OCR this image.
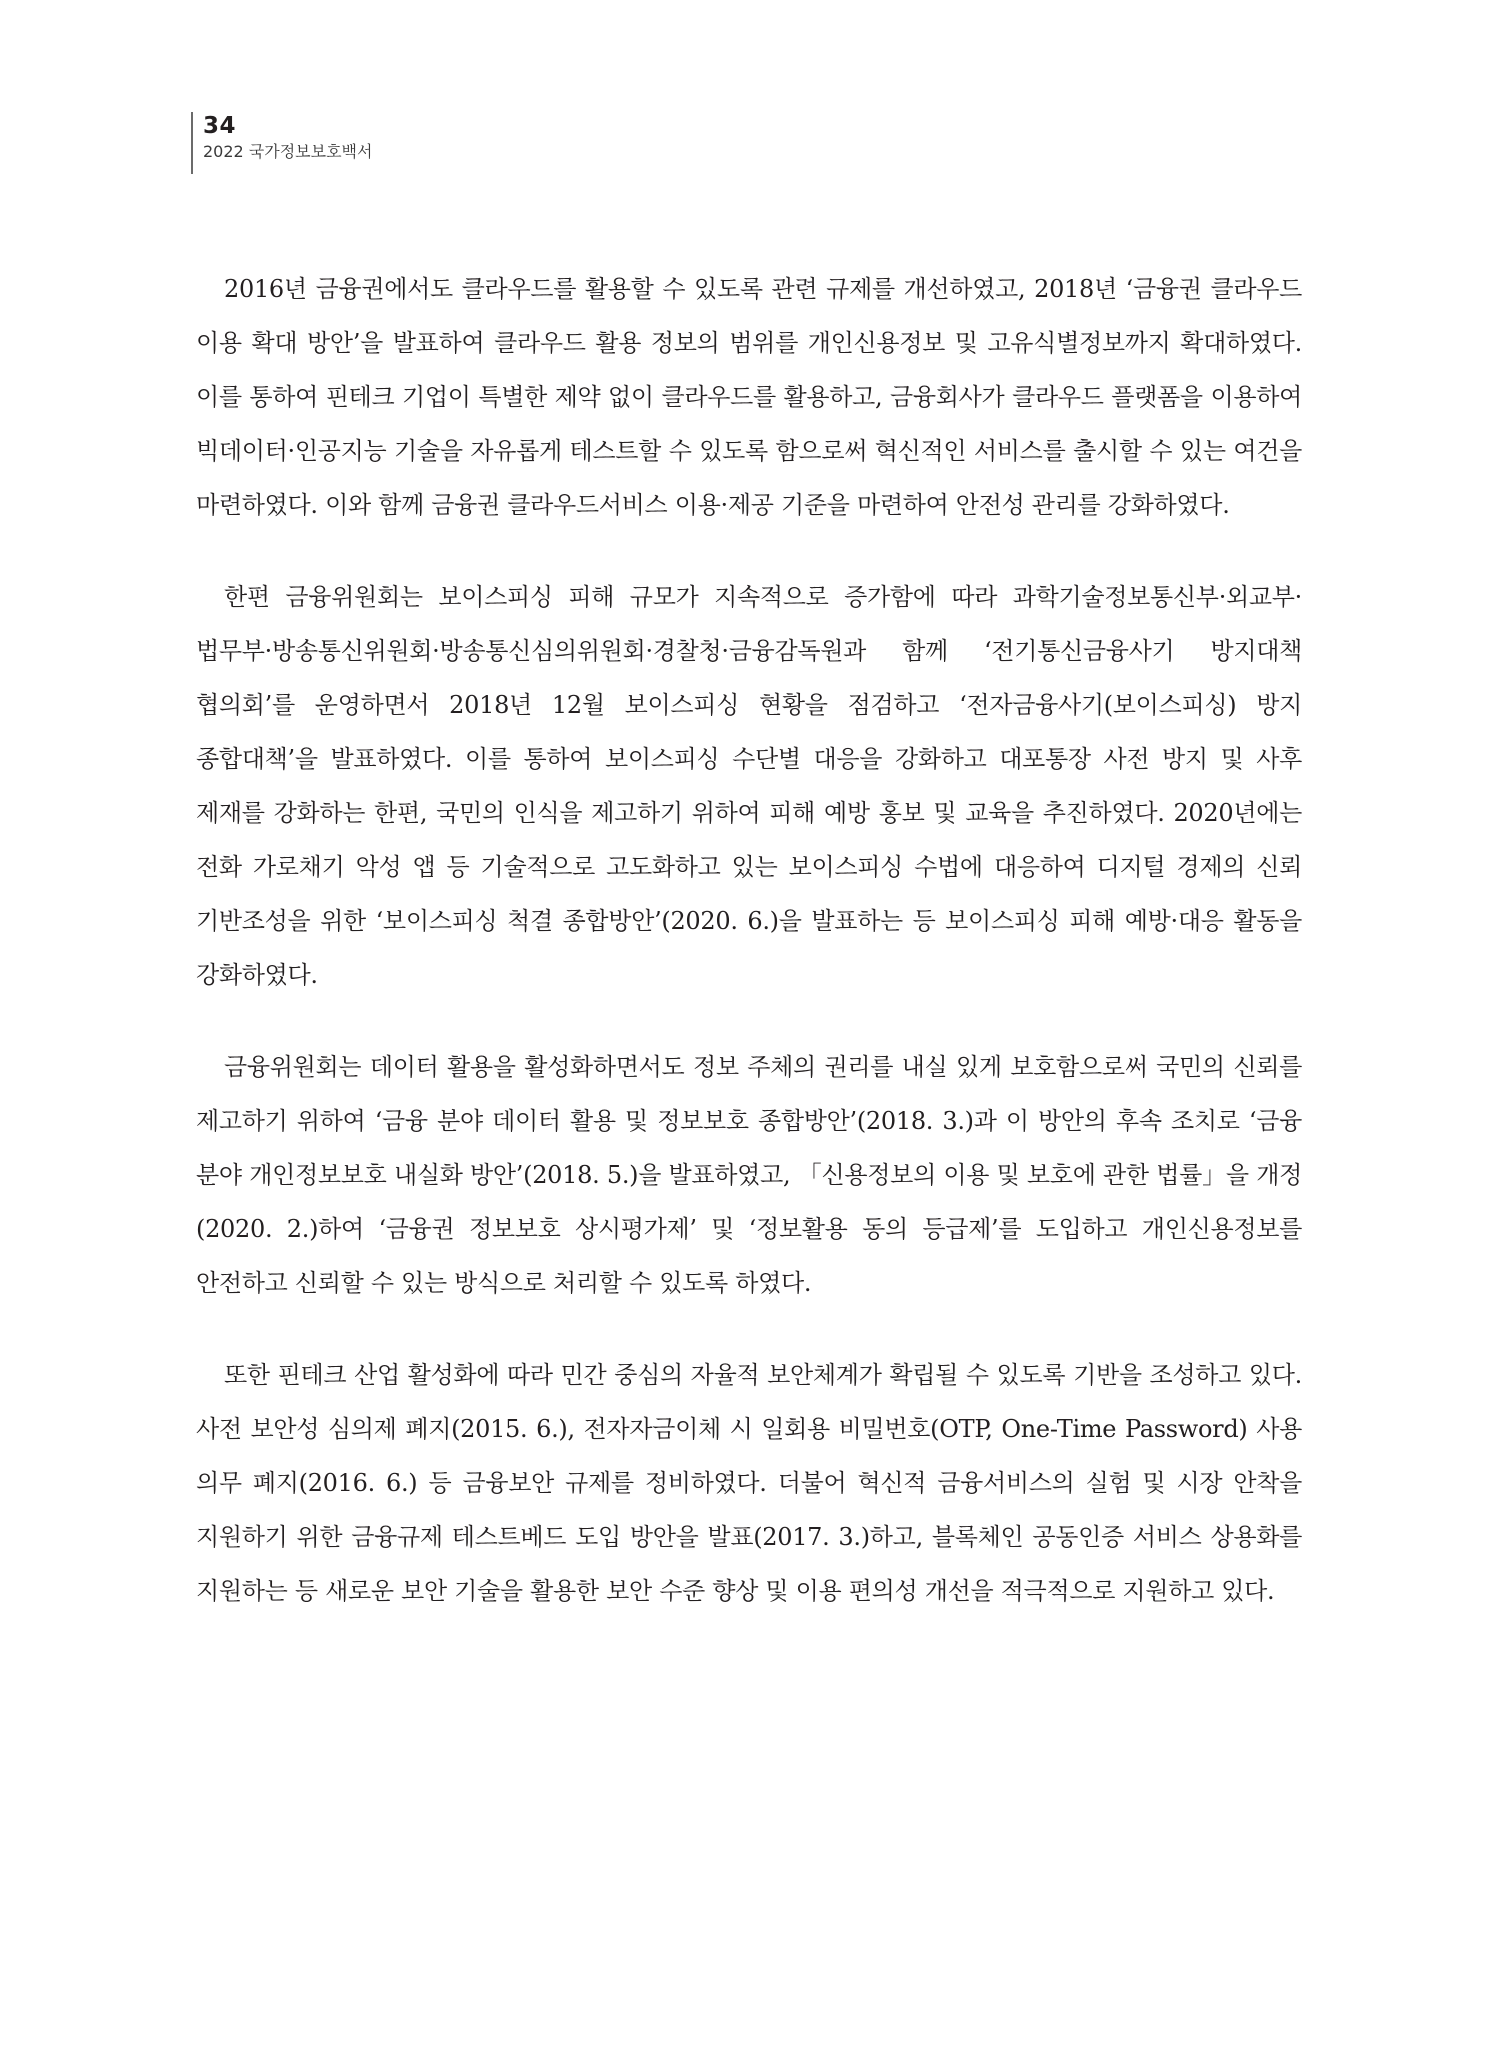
34
2022 국가정보보호백서

2016년 금융권에서도 클라우드를 활용할 수 있도록 관련 규제를 개선하였고, 2018년 ‘금융권 클라우드 이용 확대 방안’을 발표하여 클라우드 활용 정보의 범위를 개인신용정보 및 고유식별정보까지 확대하였다. 이를 통하여 핀테크 기업이 특별한 제약 없이 클라우드를 활용하고, 금융회사가 클라우드 플랫폼을 이용하여 빅데이터·인공지능 기술을 자유롭게 테스트할 수 있도록 함으로써 혁신적인 서비스를 출시할 수 있는 여건을 마련하였다. 이와 함께 금융권 클라우드서비스 이용·제공 기준을 마련하여 안전성 관리를 강화하였다.

한편 금융위원회는 보이스피싱 피해 규모가 지속적으로 증가함에 따라 과학기술정보통신부·외교부·법무부·방송통신위원회·방송통신심의위원회·경찰청·금융감독원과 함께 ‘전기통신금융사기 방지대책 협의회’를 운영하면서 2018년 12월 보이스피싱 현황을 점검하고 ‘전자금융사기(보이스피싱) 방지 종합대책’을 발표하였다. 이를 통하여 보이스피싱 수단별 대응을 강화하고 대포통장 사전 방지 및 사후 제재를 강화하는 한편, 국민의 인식을 제고하기 위하여 피해 예방 홍보 및 교육을 추진하였다. 2020년에는 전화 가로채기 악성 앱 등 기술적으로 고도화하고 있는 보이스피싱 수법에 대응하여 디지털 경제의 신뢰 기반조성을 위한 ‘보이스피싱 척결 종합방안’(2020. 6.)을 발표하는 등 보이스피싱 피해 예방·대응 활동을 강화하였다.

금융위원회는 데이터 활용을 활성화하면서도 정보 주체의 권리를 내실 있게 보호함으로써 국민의 신뢰를 제고하기 위하여 ‘금융 분야 데이터 활용 및 정보보호 종합방안’(2018. 3.)과 이 방안의 후속 조치로 ‘금융 분야 개인정보보호 내실화 방안’(2018. 5.)을 발표하였고, 「신용정보의 이용 및 보호에 관한 법률」을 개정(2020. 2.)하여 ‘금융권 정보보호 상시평가제’ 및 ‘정보활용 동의 등급제’를 도입하고 개인신용정보를 안전하고 신뢰할 수 있는 방식으로 처리할 수 있도록 하였다.

또한 핀테크 산업 활성화에 따라 민간 중심의 자율적 보안체계가 확립될 수 있도록 기반을 조성하고 있다. 사전 보안성 심의제 폐지(2015. 6.), 전자자금이체 시 일회용 비밀번호(OTP, One-Time Password) 사용 의무 폐지(2016. 6.) 등 금융보안 규제를 정비하였다. 더불어 혁신적 금융서비스의 실험 및 시장 안착을 지원하기 위한 금융규제 테스트베드 도입 방안을 발표(2017. 3.)하고, 블록체인 공동인증 서비스 상용화를 지원하는 등 새로운 보안 기술을 활용한 보안 수준 향상 및 이용 편의성 개선을 적극적으로 지원하고 있다.
